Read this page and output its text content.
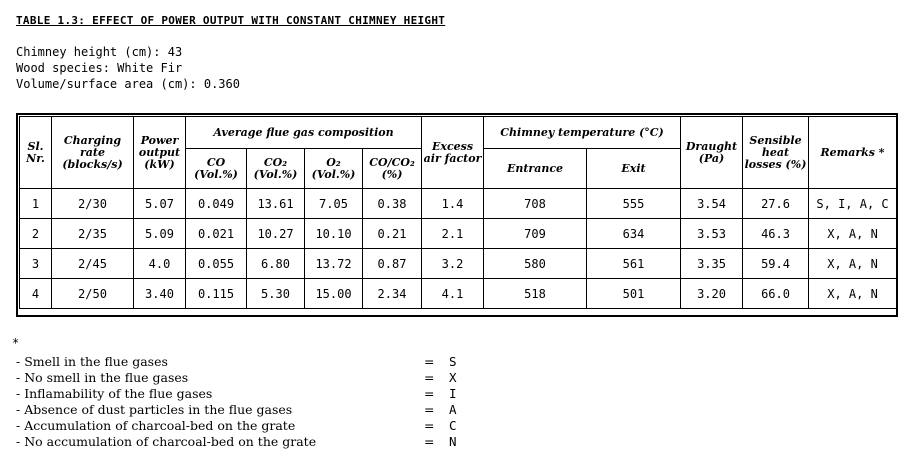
TABLE 1.3: EFFECT OF POWER OUTPUT WITH CONSTANT CHIMNEY HEIGHT
Chimney height (cm): 43
Wood species: White Fir
Volume/surface area (cm): 0.360
Sl. Nr.	Charging rate (blocks/s)	Power output (kW)	Average flue gas composition				Excess air factor	Chimney temperature (°C)		Draught (Pa)	Sensible heat losses (%)	Remarks *
			CO (Vol.%)	CO₂ (Vol.%)	O₂ (Vol.%)	CO/CO₂ (%)		Entrance	Exit			
1	2/30	5.07	0.049	13.61	7.05	0.38	1.4	708	555	3.54	27.6	S, I, A, C
2	2/35	5.09	0.021	10.27	10.10	0.21	2.1	709	634	3.53	46.3	X, A, N
3	2/45	4.0	0.055	6.80	13.72	0.87	3.2	580	561	3.35	59.4	X, A, N
4	2/50	3.40	0.115	5.30	15.00	2.34	4.1	518	501	3.20	66.0	X, A, N
*
- Smell in the flue gases	= S
- No smell in the flue gases	= X
- Inflamability of the flue gases	= I
- Absence of dust particles in the flue gases	= A
- Accumulation of charcoal-bed on the grate	= C
- No accumulation of charcoal-bed on the grate	= N
